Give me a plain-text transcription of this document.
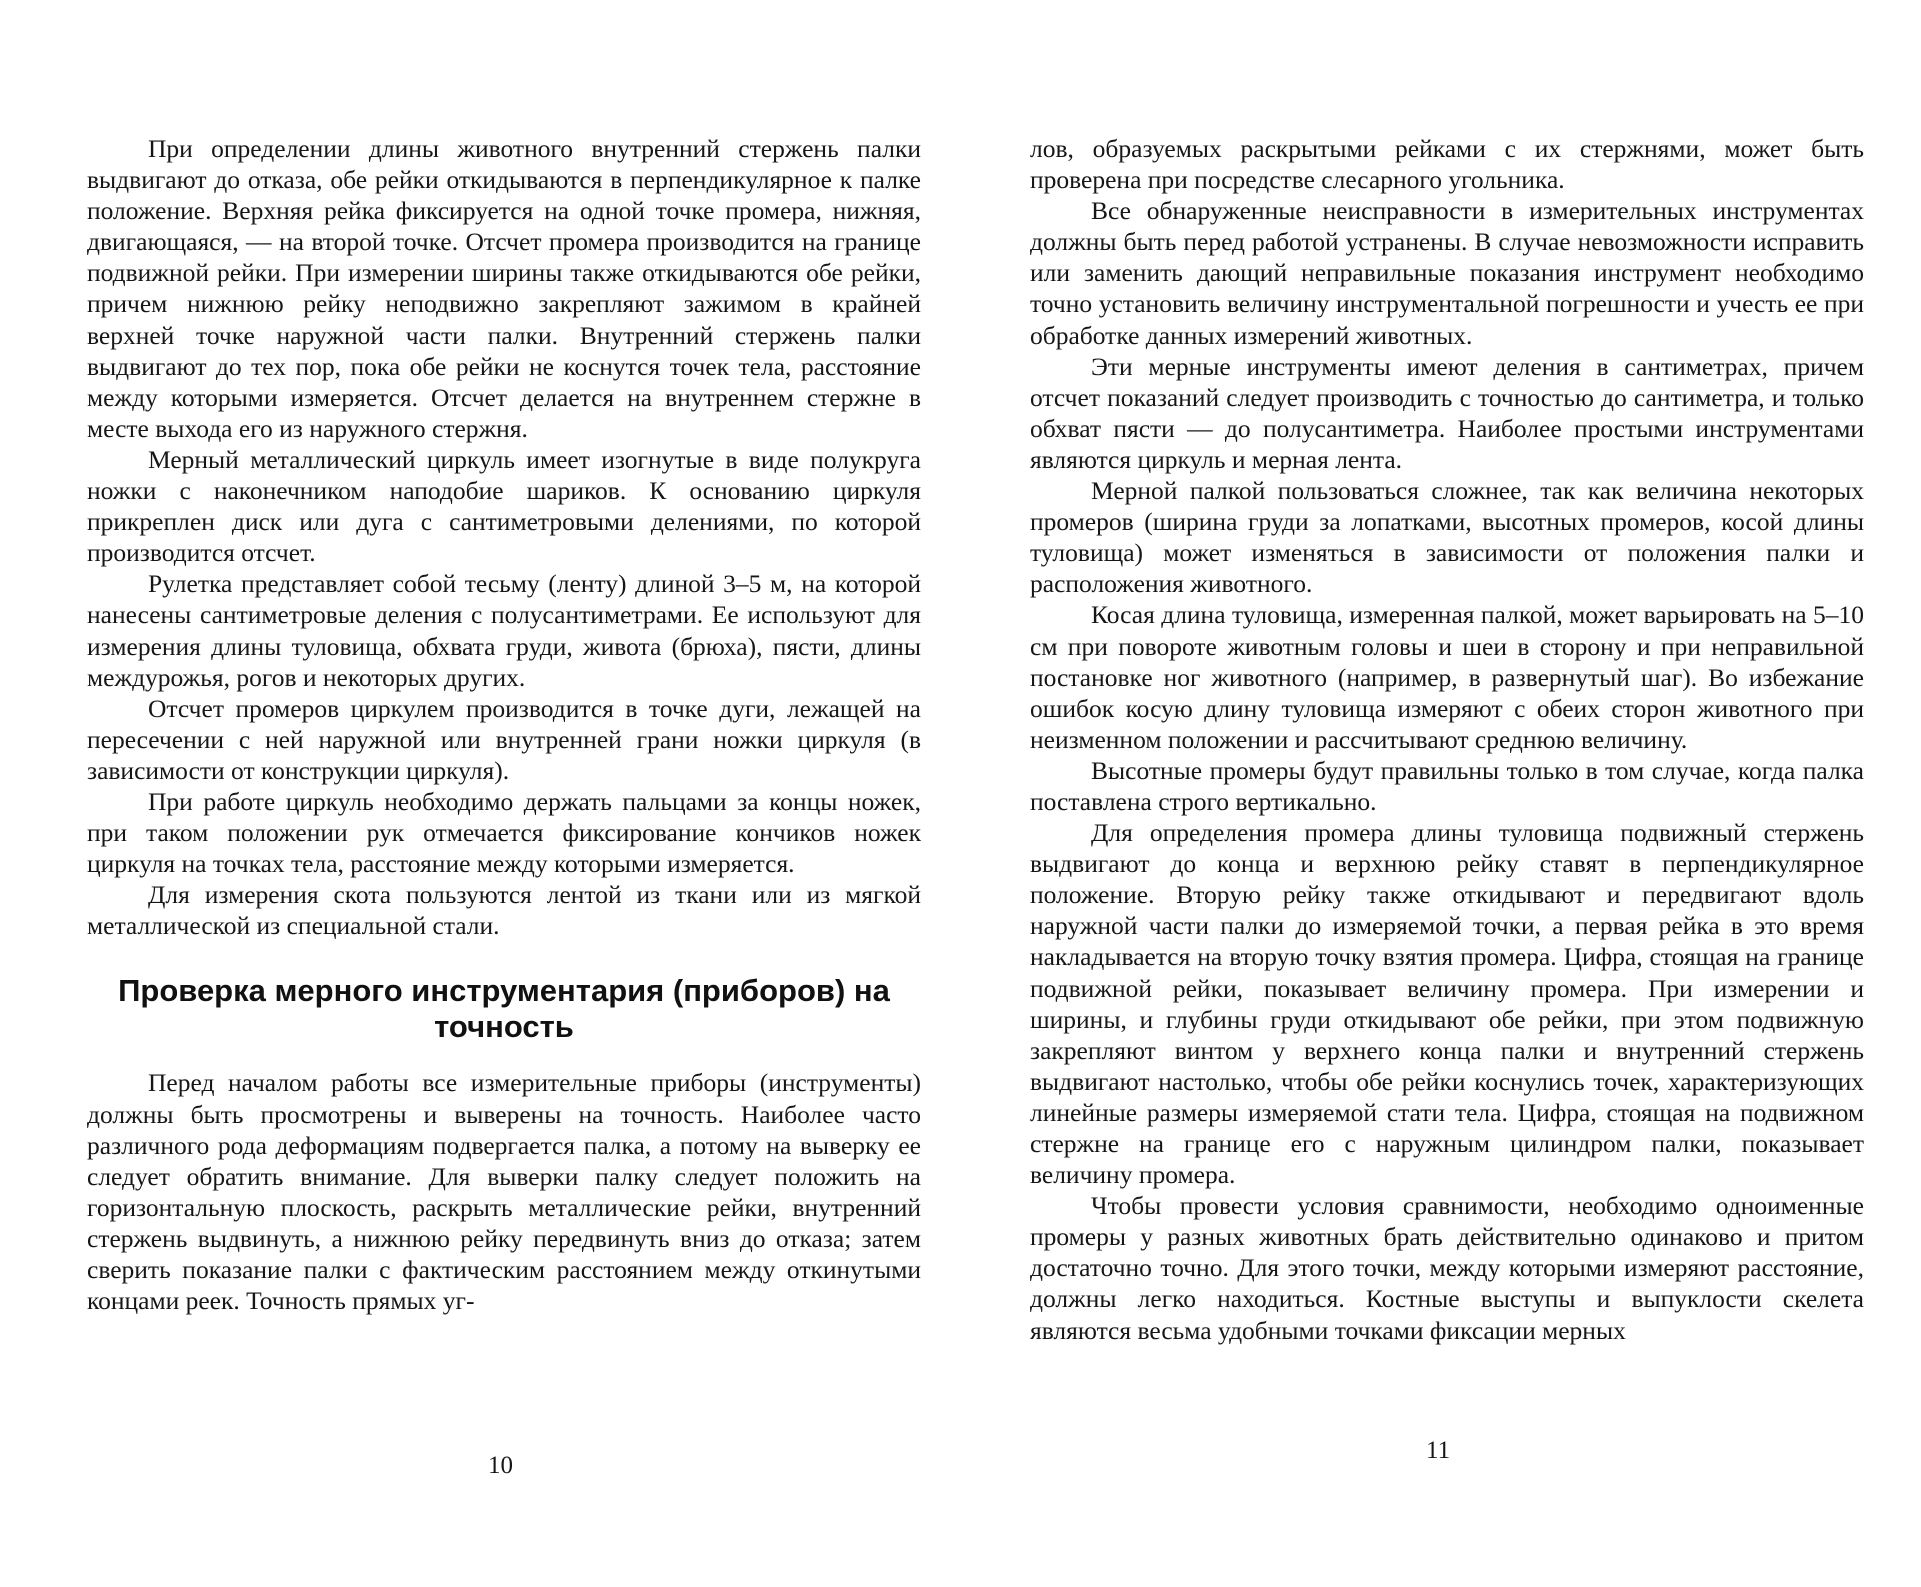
При определении длины животного внутренний стержень палки выдвигают до отказа, обе рейки откидываются в перпендикулярное к палке положение. Верхняя рейка фиксируется на одной точке промера, нижняя, двигающаяся, — на второй точке. Отсчет промера производится на границе подвижной рейки. При измерении ширины также откидываются обе рейки, причем нижнюю рейку неподвижно закрепляют зажимом в крайней верхней точке наружной части палки. Внутренний стержень палки выдвигают до тех пор, пока обе рейки не коснутся точек тела, расстояние между которыми измеряется. Отсчет делается на внутреннем стержне в месте выхода его из наружного стержня.

Мерный металлический циркуль имеет изогнутые в виде полукруга ножки с наконечником наподобие шариков. К основанию циркуля прикреплен диск или дуга с сантиметровыми делениями, по которой производится отсчет.

Рулетка представляет собой тесьму (ленту) длиной 3–5 м, на которой нанесены сантиметровые деления с полусантиметрами. Ее используют для измерения длины туловища, обхвата груди, живота (брюха), пясти, длины междурожья, рогов и некоторых других.

Отсчет промеров циркулем производится в точке дуги, лежащей на пересечении с ней наружной или внутренней грани ножки циркуля (в зависимости от конструкции циркуля).

При работе циркуль необходимо держать пальцами за концы ножек, при таком положении рук отмечается фиксирование кончиков ножек циркуля на точках тела, расстояние между которыми измеряется.

Для измерения скота пользуются лентой из ткани или из мягкой металлической из специальной стали.

Проверка мерного инструментария (приборов) на точность

Перед началом работы все измерительные приборы (инструменты) должны быть просмотрены и выверены на точность. Наиболее часто различного рода деформациям подвергается палка, а потому на выверку ее следует обратить внимание. Для выверки палку следует положить на горизонтальную плоскость, раскрыть металлические рейки, внутренний стержень выдвинуть, а нижнюю рейку передвинуть вниз до отказа; затем сверить показание палки с фактическим расстоянием между откинутыми концами реек. Точность прямых уг-

10

лов, образуемых раскрытыми рейками с их стержнями, может быть проверена при посредстве слесарного угольника.

Все обнаруженные неисправности в измерительных инструментах должны быть перед работой устранены. В случае невозможности исправить или заменить дающий неправильные показания инструмент необходимо точно установить величину инструментальной погрешности и учесть ее при обработке данных измерений животных.

Эти мерные инструменты имеют деления в сантиметрах, причем отсчет показаний следует производить с точностью до сантиметра, и только обхват пясти — до полусантиметра. Наиболее простыми инструментами являются циркуль и мерная лента.

Мерной палкой пользоваться сложнее, так как величина некоторых промеров (ширина груди за лопатками, высотных промеров, косой длины туловища) может изменяться в зависимости от положения палки и расположения животного.

Косая длина туловища, измеренная палкой, может варьировать на 5–10 см при повороте животным головы и шеи в сторону и при неправильной постановке ног животного (например, в развернутый шаг). Во избежание ошибок косую длину туловища измеряют с обеих сторон животного при неизменном положении и рассчитывают среднюю величину.

Высотные промеры будут правильны только в том случае, когда палка поставлена строго вертикально.

Для определения промера длины туловища подвижный стержень выдвигают до конца и верхнюю рейку ставят в перпендикулярное положение. Вторую рейку также откидывают и передвигают вдоль наружной части палки до измеряемой точки, а первая рейка в это время накладывается на вторую точку взятия промера. Цифра, стоящая на границе подвижной рейки, показывает величину промера. При измерении и ширины, и глубины груди откидывают обе рейки, при этом подвижную закрепляют винтом у верхнего конца палки и внутренний стержень выдвигают настолько, чтобы обе рейки коснулись точек, характеризующих линейные размеры измеряемой стати тела. Цифра, стоящая на подвижном стержне на границе его с наружным цилиндром палки, показывает величину промера.

Чтобы провести условия сравнимости, необходимо одноименные промеры у разных животных брать действительно одинаково и притом достаточно точно. Для этого точки, между которыми измеряют расстояние, должны легко находиться. Костные выступы и выпуклости скелета являются весьма удобными точками фиксации мерных

11
